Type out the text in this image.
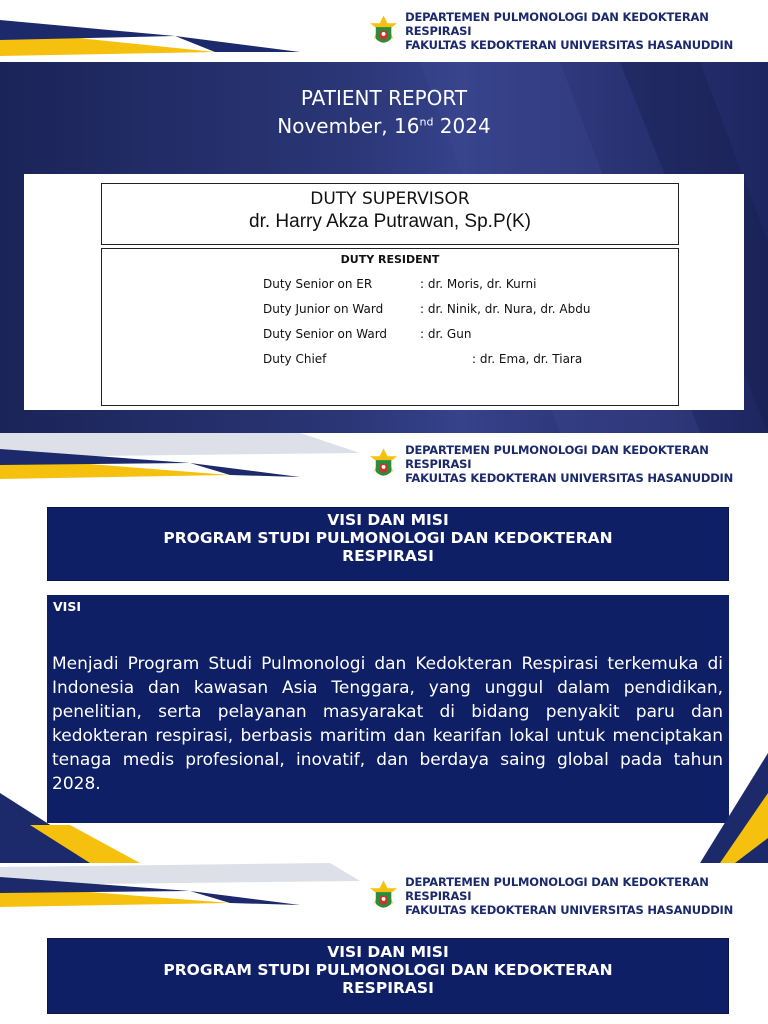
DEPARTEMEN PULMONOLOGI DAN KEDOKTERAN RESPIRASI
FAKULTAS KEDOKTERAN UNIVERSITAS HASANUDDIN
PATIENT REPORT
November, 16nd 2024
DUTY SUPERVISOR
dr. Harry Akza Putrawan, Sp.P(K)
DUTY RESIDENT
Duty Senior on ER	: dr. Moris, dr. Kurni
Duty Junior on Ward	: dr. Ninik, dr. Nura, dr. Abdu
Duty Senior on Ward	: dr. Gun
Duty Chief	: dr. Ema, dr. Tiara
DEPARTEMEN PULMONOLOGI DAN KEDOKTERAN RESPIRASI
FAKULTAS KEDOKTERAN UNIVERSITAS HASANUDDIN
VISI DAN MISI
PROGRAM STUDI PULMONOLOGI DAN KEDOKTERAN
RESPIRASI
VISI
Menjadi Program Studi Pulmonologi dan Kedokteran Respirasi terkemuka di Indonesia dan kawasan Asia Tenggara, yang unggul dalam pendidikan, penelitian, serta pelayanan masyarakat di bidang penyakit paru dan kedokteran respirasi, berbasis maritim dan kearifan lokal untuk menciptakan tenaga medis profesional, inovatif, dan berdaya saing global pada tahun 2028.
DEPARTEMEN PULMONOLOGI DAN KEDOKTERAN RESPIRASI
FAKULTAS KEDOKTERAN UNIVERSITAS HASANUDDIN
VISI DAN MISI
PROGRAM STUDI PULMONOLOGI DAN KEDOKTERAN
RESPIRASI
